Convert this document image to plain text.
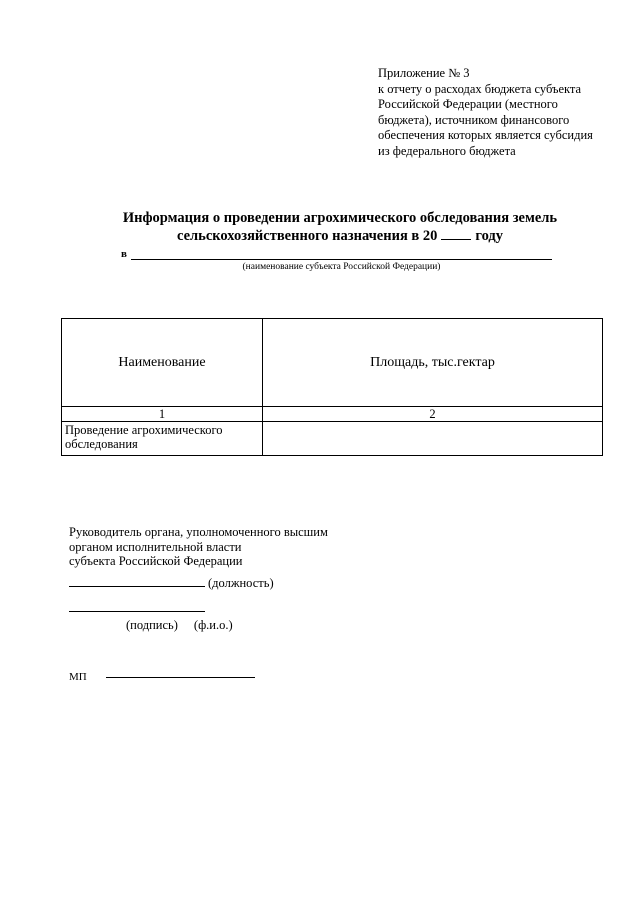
Приложение № 3
к отчету о расходах бюджета субъекта
Российской Федерации (местного
бюджета), источником финансового
обеспечения которых является субсидия
из федерального бюджета
Информация о проведении агрохимического обследования земель
сельскохозяйственного назначения в 20	году
в
(наименование субъекта Российской Федерации)
Наименование	Площадь, тыс.гектар
1	2
Проведение агрохимического обследования	
Руководитель органа, уполномоченного высшим
органом исполнительной власти
субъекта Российской Федерации
(должность)
(подпись) (ф.и.о.)
МП
